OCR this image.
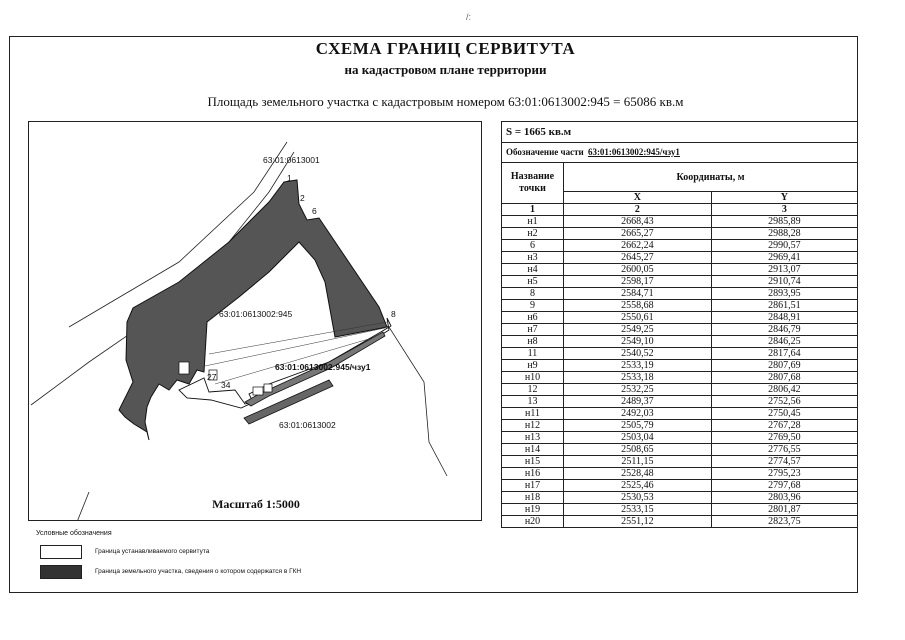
/:
СХЕМА ГРАНИЦ СЕРВИТУТА
на кадастровом плане территории
Площадь земельного участка с кадастровым номером 63:01:0613002:945 = 65086 кв.м
63:01:0613001
63:01:0613002:945
63:01:0613002:945/чзу1
63:01:0613002
1
2
6
8
27
34
Масштаб 1:5000
S = 1665 кв.м
Обозначение части 63:01:0613002:945/чзу1
Название точки	Координаты, м	
	X	Y
1	2	3
н1	2668,43	2985,89
н2	2665,27	2988,28
6	2662,24	2990,57
н3	2645,27	2969,41
н4	2600,05	2913,07
н5	2598,17	2910,74
8	2584,71	2893,95
9	2558,68	2861,51
н6	2550,61	2848,91
н7	2549,25	2846,79
н8	2549,10	2846,25
11	2540,52	2817,64
н9	2533,19	2807,69
н10	2533,18	2807,68
12	2532,25	2806,42
13	2489,37	2752,56
н11	2492,03	2750,45
н12	2505,79	2767,28
н13	2503,04	2769,50
н14	2508,65	2776,55
н15	2511,15	2774,57
н16	2528,48	2795,23
н17	2525,46	2797,68
н18	2530,53	2803,96
н19	2533,15	2801,87
н20	2551,12	2823,75
Условные обозначения
Граница устанавливаемого сервитута
Граница земельного участка, сведения о котором содержатся в ГКН
